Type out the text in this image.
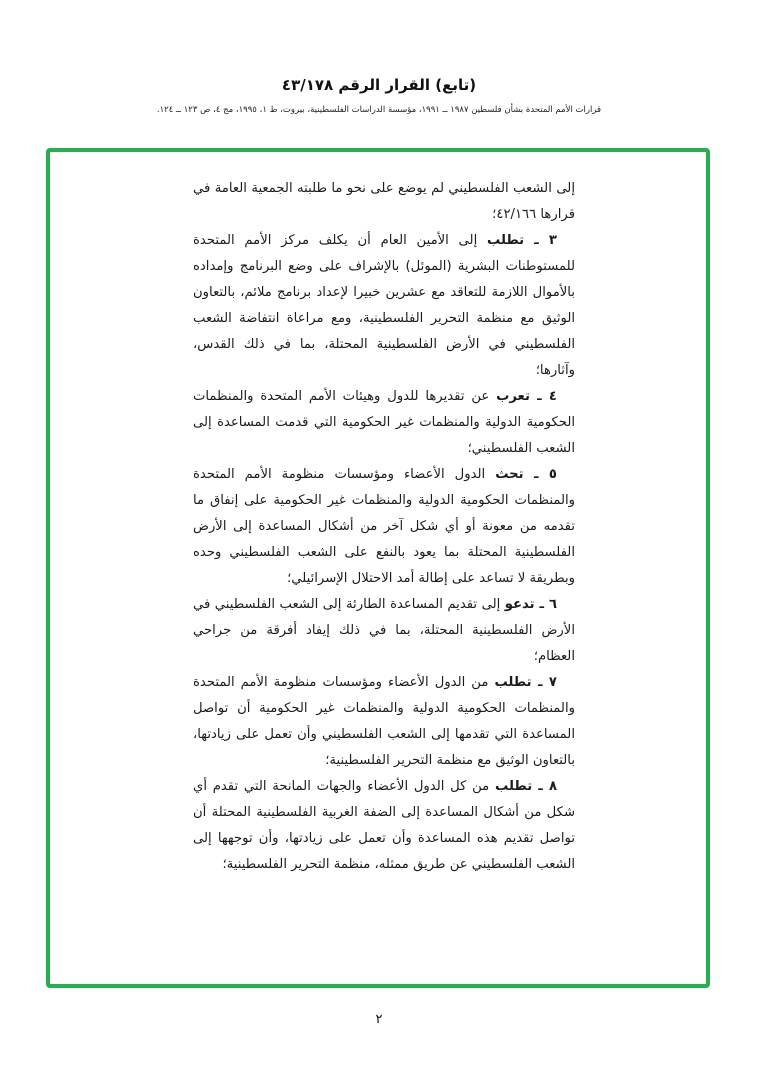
(تابع) القرار الرقم ٤٣/١٧٨
قرارات الأمم المتحدة بشأن فلسطين ١٩٨٧ ــ ١٩٩١، مؤسسة الدراسات الفلسطينية، بيروت، ط ١، ١٩٩٥، مج ٤، ص ١٢٣ ــ ١٢٤.

إلى الشعب الفلسطيني لم يوضع على نحو ما طلبته الجمعية العامة في قرارها ٤٢/١٦٦؛

٣ ـ تطلب إلى الأمين العام أن يكلف مركز الأمم المتحدة للمستوطنات البشرية (الموئل) بالإشراف على وضع البرنامج وإمداده بالأموال اللازمة للتعاقد مع عشرين خبيرا لإعداد برنامج ملائم، بالتعاون الوثيق مع منظمة التحرير الفلسطينية، ومع مراعاة انتفاضة الشعب الفلسطيني في الأرض الفلسطينية المحتلة، بما في ذلك القدس، وآثارها؛

٤ ـ تعرب عن تقديرها للدول وهيئات الأمم المتحدة والمنظمات الحكومية الدولية والمنظمات غير الحكومية التي قدمت المساعدة إلى الشعب الفلسطيني؛

٥ ـ تحث الدول الأعضاء ومؤسسات منظومة الأمم المتحدة والمنظمات الحكومية الدولية والمنظمات غير الحكومية على إنفاق ما تقدمه من معونة أو أي شكل آخر من أشكال المساعدة إلى الأرض الفلسطينية المحتلة بما يعود بالنفع على الشعب الفلسطيني وحده وبطريقة لا تساعد على إطالة أمد الاحتلال الإسرائيلي؛

٦ ـ تدعو إلى تقديم المساعدة الطارئة إلى الشعب الفلسطيني في الأرض الفلسطينية المحتلة، بما في ذلك إيفاد أفرقة من جراحي العظام؛

٧ ـ تطلب من الدول الأعضاء ومؤسسات منظومة الأمم المتحدة والمنظمات الحكومية الدولية والمنظمات غير الحكومية أن تواصل المساعدة التي تقدمها إلى الشعب الفلسطيني وأن تعمل على زيادتها، بالتعاون الوثيق مع منظمة التحرير الفلسطينية؛

٨ ـ تطلب من كل الدول الأعضاء والجهات المانحة التي تقدم أي شكل من أشكال المساعدة إلى الضفة الغربية الفلسطينية المحتلة أن تواصل تقديم هذه المساعدة وأن تعمل على زيادتها، وأن توجهها إلى الشعب الفلسطيني عن طريق ممثله، منظمة التحرير الفلسطينية؛

٢
